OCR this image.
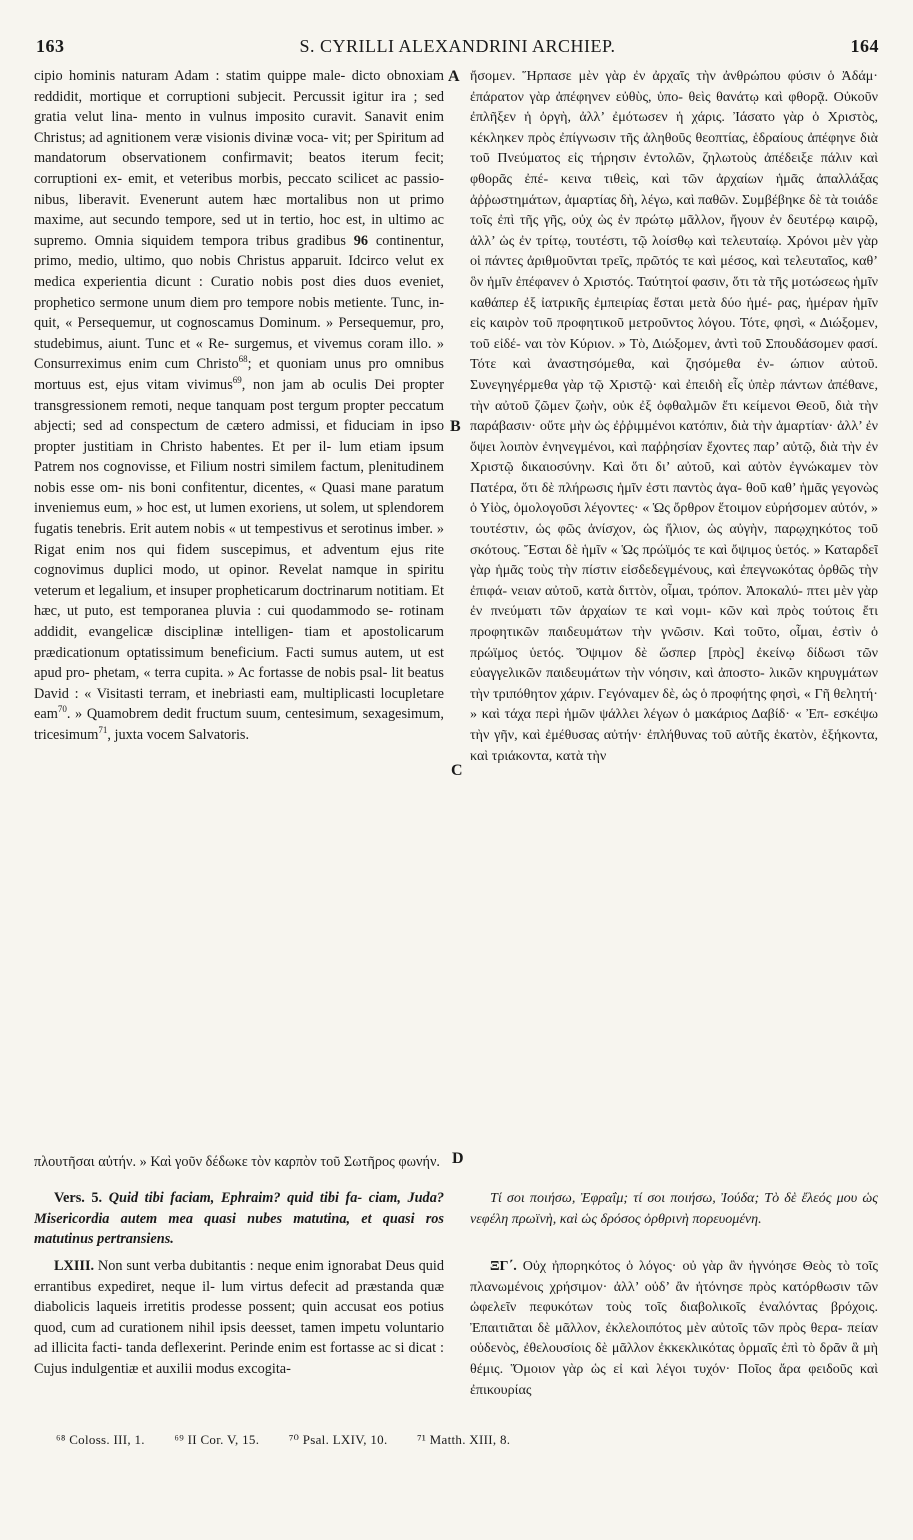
163	S. CYRILLI ALEXANDRINI ARCHIEP.	164
A
B
C
D

cipio hominis naturam Adam : statim quippe male- dicto obnoxiam reddidit, mortique et corruptioni subjecit. Percussit igitur ira ; sed gratia velut lina- mento in vulnus imposito curavit. Sanavit enim Christus; ad agnitionem veræ visionis divinæ voca- vit; per Spiritum ad mandatorum observationem confirmavit; beatos iterum fecit; corruptioni ex- emit, et veteribus morbis, peccato scilicet ac passio- nibus, liberavit. Evenerunt autem hæc mortalibus non ut primo maxime, aut secundo tempore, sed ut in tertio, hoc est, in ultimo ac supremo. Omnia siquidem tempora tribus gradibus 96 continentur, primo, medio, ultimo, quo nobis Christus apparuit. Idcirco velut ex medica experientia dicunt : Curatio nobis post dies duos eveniet, prophetico sermone unum diem pro tempore nobis metiente. Tunc, in- quit, « Persequemur, ut cognoscamus Dominum. » Persequemur, pro, studebimus, aiunt. Tunc et « Re- surgemus, et vivemus coram illo. » Consurreximus enim cum Christo$^{68}$; et quoniam unus pro omnibus mortuus est, ejus vitam vivimus$^{69}$, non jam ab oculis Dei propter transgressionem remoti, neque tanquam post tergum propter peccatum abjecti; sed ad conspectum de cætero admissi, et fiduciam in ipso propter justitiam in Christo habentes. Et per il- lum etiam ipsum Patrem nos cognovisse, et Filium nostri similem factum, plenitudinem nobis esse om- nis boni confitentur, dicentes, « Quasi mane paratum inveniemus eum, » hoc est, ut lumen exoriens, ut solem, ut splendorem fugatis tenebris. Erit autem nobis « ut tempestivus et serotinus imber. » Rigat enim nos qui fidem suscepimus, et adventum ejus rite cognovimus duplici modo, ut opinor. Revelat namque in spiritu veterum et legalium, et insuper propheticarum doctrinarum notitiam. Et hæc, ut puto, est temporanea pluvia : cui quodammodo se- rotinam addidit, evangelicæ disciplinæ intelligen- tiam et apostolicarum prædicationum optatissimum beneficium. Facti sumus autem, ut est apud pro- phetam, « terra cupita. » Ac fortasse de nobis psal- lit beatus David : « Visitasti terram, et inebriasti eam, multiplicasti locupletare eam$^{70}$. » Quamobrem dedit fructum suum, centesimum, sexagesimum, tricesimum$^{71}$, juxta vocem Salvatoris.

πλουτῆσαι αὐτήν. » Καὶ γοῦν δέδωκε τὸν καρπὸν τοῦ Σωτῆρος φωνήν.

Vers. 5. Quid tibi faciam, Ephraim? quid tibi fa- ciam, Juda? Misericordia autem mea quasi nubes matutina, et quasi ros matutinus pertransiens.

LXIII. Non sunt verba dubitantis : neque enim ignorabat Deus quid errantibus expediret, neque il- lum virtus defecit ad præstanda quæ diabolicis laqueis irretitis prodesse possent; quin accusat eos potius quod, cum ad curationem nihil ipsis deesset, tamen impetu voluntario ad illicita facti- tanda deflexerint. Perinde enim est fortasse ac si dicat : Cujus indulgentiæ et auxilii modus excogita-

ἤσομεν. Ἥρπασε μὲν γὰρ ἐν ἀρχαῖς τὴν ἀνθρώπου φύσιν ὁ Ἀδάμ· ἐπάρατον γὰρ ἀπέφηνεν εὐθὺς, ὑπο- θεὶς θανάτῳ καὶ φθορᾷ. Οὐκοῦν ἐπλῆξεν ἡ ὀργὴ, ἀλλ’ ἐμότωσεν ἡ χάρις. Ἰάσατο γὰρ ὁ Χριστὸς, κέκληκεν πρὸς ἐπίγνωσιν τῆς ἀληθοῦς θεοπτίας, ἑδραίους ἀπέφηνε διὰ τοῦ Πνεύματος εἰς τήρησιν ἐντολῶν, ζηλωτοὺς ἀπέδειξε πάλιν καὶ φθορᾶς ἐπέ- κεινα τιθεὶς, καὶ τῶν ἀρχαίων ἡμᾶς ἀπαλλάξας ἀῤῥωστημάτων, ἁμαρτίας δὴ, λέγω, καὶ παθῶν. Συμβέβηκε δὲ τὰ τοιάδε τοῖς ἐπὶ τῆς γῆς, οὐχ ὡς ἐν πρώτῳ μᾶλλον, ἤγουν ἐν δευτέρῳ καιρῷ, ἀλλ’ ὡς ἐν τρίτῳ, τουτέστι, τῷ λοίσθῳ καὶ τελευταίῳ. Χρόνοι μὲν γὰρ οἱ πάντες ἀριθμοῦνται τρεῖς, πρῶτός τε καὶ μέσος, καὶ τελευταῖος, καθ’ ὃν ἡμῖν ἐπέφανεν ὁ Χριστός. Ταύτητοί φασιν, ὅτι τὰ τῆς μοτώσεως ἡμῖν καθάπερ ἐξ ἰατρικῆς ἐμπειρίας ἔσται μετὰ δύο ἡμέ- ρας, ἡμέραν ἡμῖν εἰς καιρὸν τοῦ προφητικοῦ μετροῦντος λόγου. Τότε, φησὶ, « Διώξομεν, τοῦ εἰδέ- ναι τὸν Κύριον. » Τὸ, Διώξομεν, ἀντὶ τοῦ Σπουδάσομεν φασί. Τότε καὶ ἀναστησόμεθα, καὶ ζησόμεθα ἐν- ώπιον αὐτοῦ. Συνεγηγέρμεθα γὰρ τῷ Χριστῷ· καὶ ἐπειδὴ εἷς ὑπὲρ πάντων ἀπέθανε, τὴν αὐτοῦ ζῶμεν ζωὴν, οὐκ ἐξ ὀφθαλμῶν ἔτι κείμενοι Θεοῦ, διὰ τὴν παράβασιν· οὔτε μὴν ὡς ἐῤῥιμμένοι κατόπιν, διὰ τὴν ἁμαρτίαν· ἀλλ’ ἐν ὄψει λοιπὸν ἐνηνεγμένοι, καὶ παῤῥησίαν ἔχοντες παρ’ αὐτῷ, διὰ τὴν ἐν Χριστῷ δικαιοσύνην. Καὶ ὅτι δι’ αὐτοῦ, καὶ αὐτὸν ἐγνώκαμεν τὸν Πατέρα, ὅτι δὲ πλήρωσις ἡμῖν ἐστι παντὸς ἀγα- θοῦ καθ’ ἡμᾶς γεγονὼς ὁ Υἱὸς, ὁμολογοῦσι λέγοντες· « Ὡς ὄρθρον ἕτοιμον εὑρήσομεν αὐτόν, » τουτέστιν, ὡς φῶς ἀνίσχον, ὡς ἥλιον, ὡς αὐγὴν, παρῳχηκότος τοῦ σκότους. Ἔσται δὲ ἡμῖν « Ὡς πρώϊμός τε καὶ ὄψιμος ὑετός. » Καταρδεῖ γὰρ ἡμᾶς τοὺς τὴν πίστιν εἰσδεδεγμένους, καὶ ἐπεγνωκότας ὀρθῶς τὴν ἐπιφά- νειαν αὐτοῦ, κατὰ διττὸν, οἶμαι, τρόπον. Ἀποκαλύ- πτει μὲν γὰρ ἐν πνεύματι τῶν ἀρχαίων τε καὶ νομι- κῶν καὶ πρὸς τούτοις ἔτι προφητικῶν παιδευμάτων τὴν γνῶσιν. Καὶ τοῦτο, οἶμαι, ἐστὶν ὁ πρώϊμος ὑετός. Ὄψιμον δὲ ὥσπερ [πρὸς] ἐκείνῳ δίδωσι τῶν εὐαγγελικῶν παιδευμάτων τὴν νόησιν, καὶ ἀποστο- λικῶν κηρυγμάτων τὴν τριπόθητον χάριν. Γεγόναμεν δὲ, ὡς ὁ προφήτης φησὶ, « Γῆ θελητή· » καὶ τάχα περὶ ἡμῶν ψάλλει λέγων ὁ μακάριος Δαβίδ· « Ἐπ- εσκέψω τὴν γῆν, καὶ ἐμέθυσας αὐτήν· ἐπλήθυνας τοῦ αὐτῆς ἑκατὸν, ἑξήκοντα, καὶ τριάκοντα, κατὰ τὴν

Τί σοι ποιήσω, Ἐφραΐμ; τί σοι ποιήσω, Ἰούδα; Τὸ δὲ ἔλεός μου ὡς νεφέλη πρωϊνὴ, καὶ ὡς δρόσος ὀρθρινὴ πορευομένη.

ΞΓ΄. Οὐχ ἠπορηκότος ὁ λόγος· οὐ γὰρ ἂν ἠγνόησε Θεὸς τὸ τοῖς πλανωμένοις χρήσιμον· ἀλλ’ οὐδ’ ἂν ἠτόνησε πρὸς κατόρθωσιν τῶν ὠφελεῖν πεφυκότων τοὺς τοῖς διαβολικοῖς ἐναλόντας βρόχοις. Ἐπαιτιᾶται δὲ μᾶλλον, ἐκλελοιπότος μὲν αὐτοῖς τῶν πρὸς θερα- πείαν οὐδενὸς, ἐθελουσίοις δὲ μᾶλλον ἐκκεκλικότας ὁρμαῖς ἐπὶ τὸ δρᾶν ἃ μὴ θέμις. Ὅμοιον γὰρ ὡς εἰ καὶ λέγοι τυχόν· Ποῖος ἄρα φειδοῦς καὶ ἐπικουρίας

⁶⁸ Coloss. III, 1. ⁶⁹ II Cor. V, 15. ⁷⁰ Psal. LXIV, 10. ⁷¹ Matth. XIII, 8.
